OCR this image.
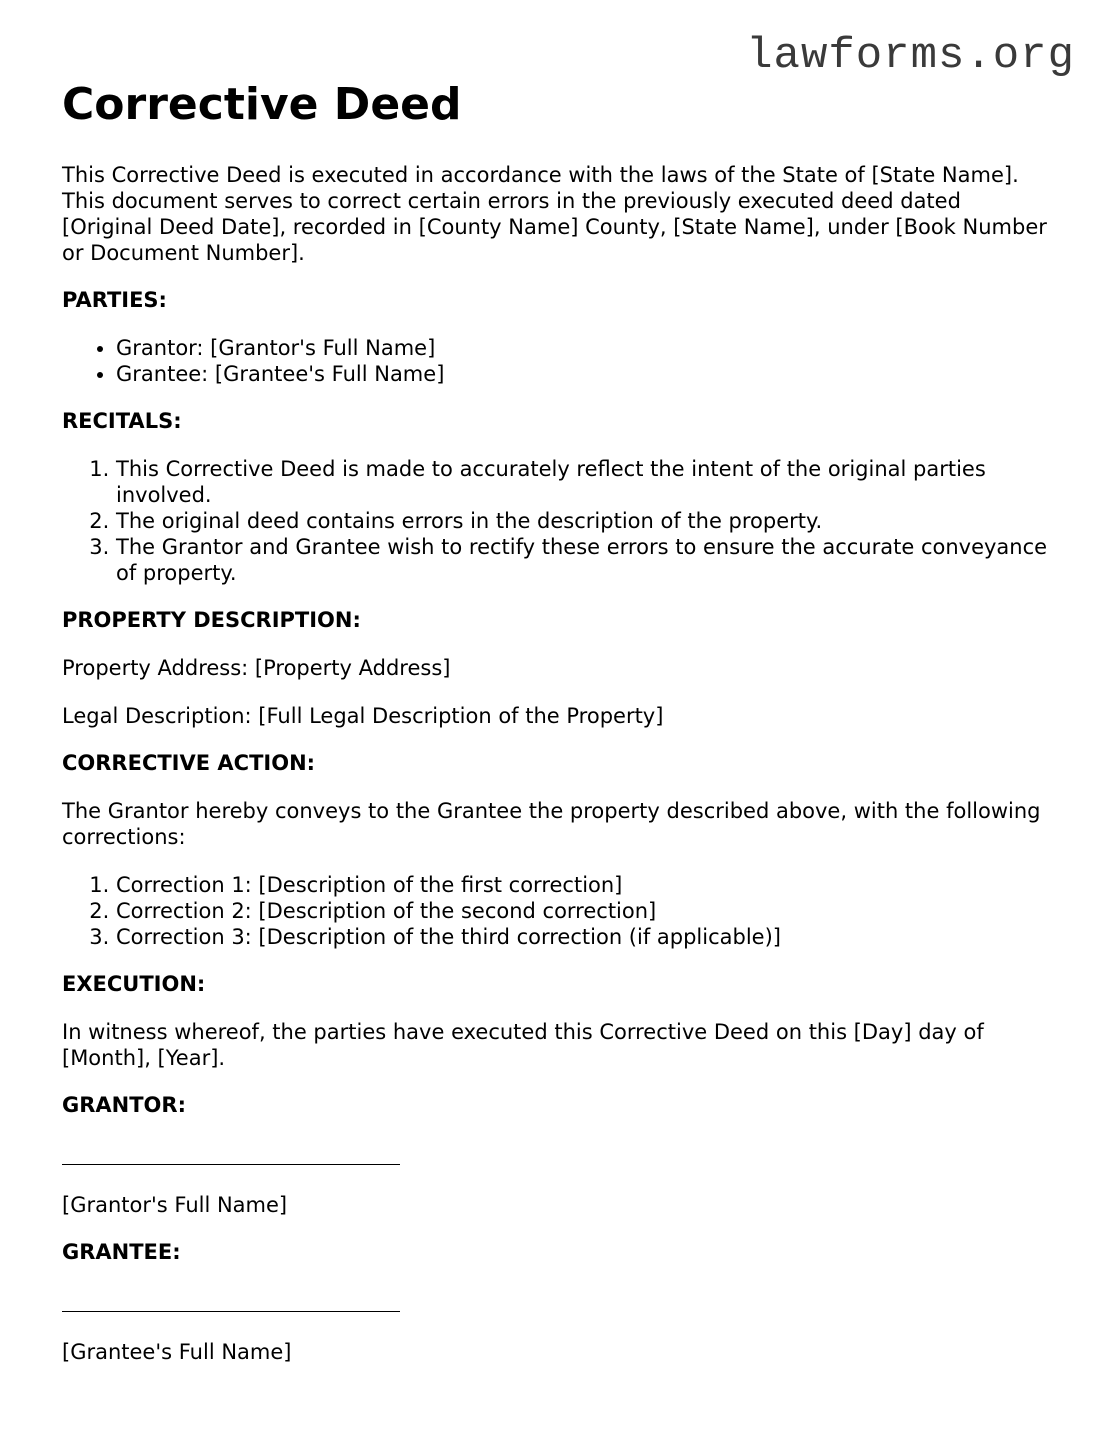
lawforms.org
Corrective Deed

This Corrective Deed is executed in accordance with the laws of the State of [State Name]. This document serves to correct certain errors in the previously executed deed dated [Original Deed Date], recorded in [County Name] County, [State Name], under [Book Number or Document Number].

PARTIES:

• Grantor: [Grantor's Full Name]
• Grantee: [Grantee's Full Name]

RECITALS:

1. This Corrective Deed is made to accurately reflect the intent of the original parties involved.
2. The original deed contains errors in the description of the property.
3. The Grantor and Grantee wish to rectify these errors to ensure the accurate conveyance of property.

PROPERTY DESCRIPTION:

Property Address: [Property Address]

Legal Description: [Full Legal Description of the Property]

CORRECTIVE ACTION:

The Grantor hereby conveys to the Grantee the property described above, with the following corrections:

1. Correction 1: [Description of the first correction]
2. Correction 2: [Description of the second correction]
3. Correction 3: [Description of the third correction (if applicable)]

EXECUTION:

In witness whereof, the parties have executed this Corrective Deed on this [Day] day of [Month], [Year].

GRANTOR:

[Grantor's Full Name]

GRANTEE:

[Grantee's Full Name]
